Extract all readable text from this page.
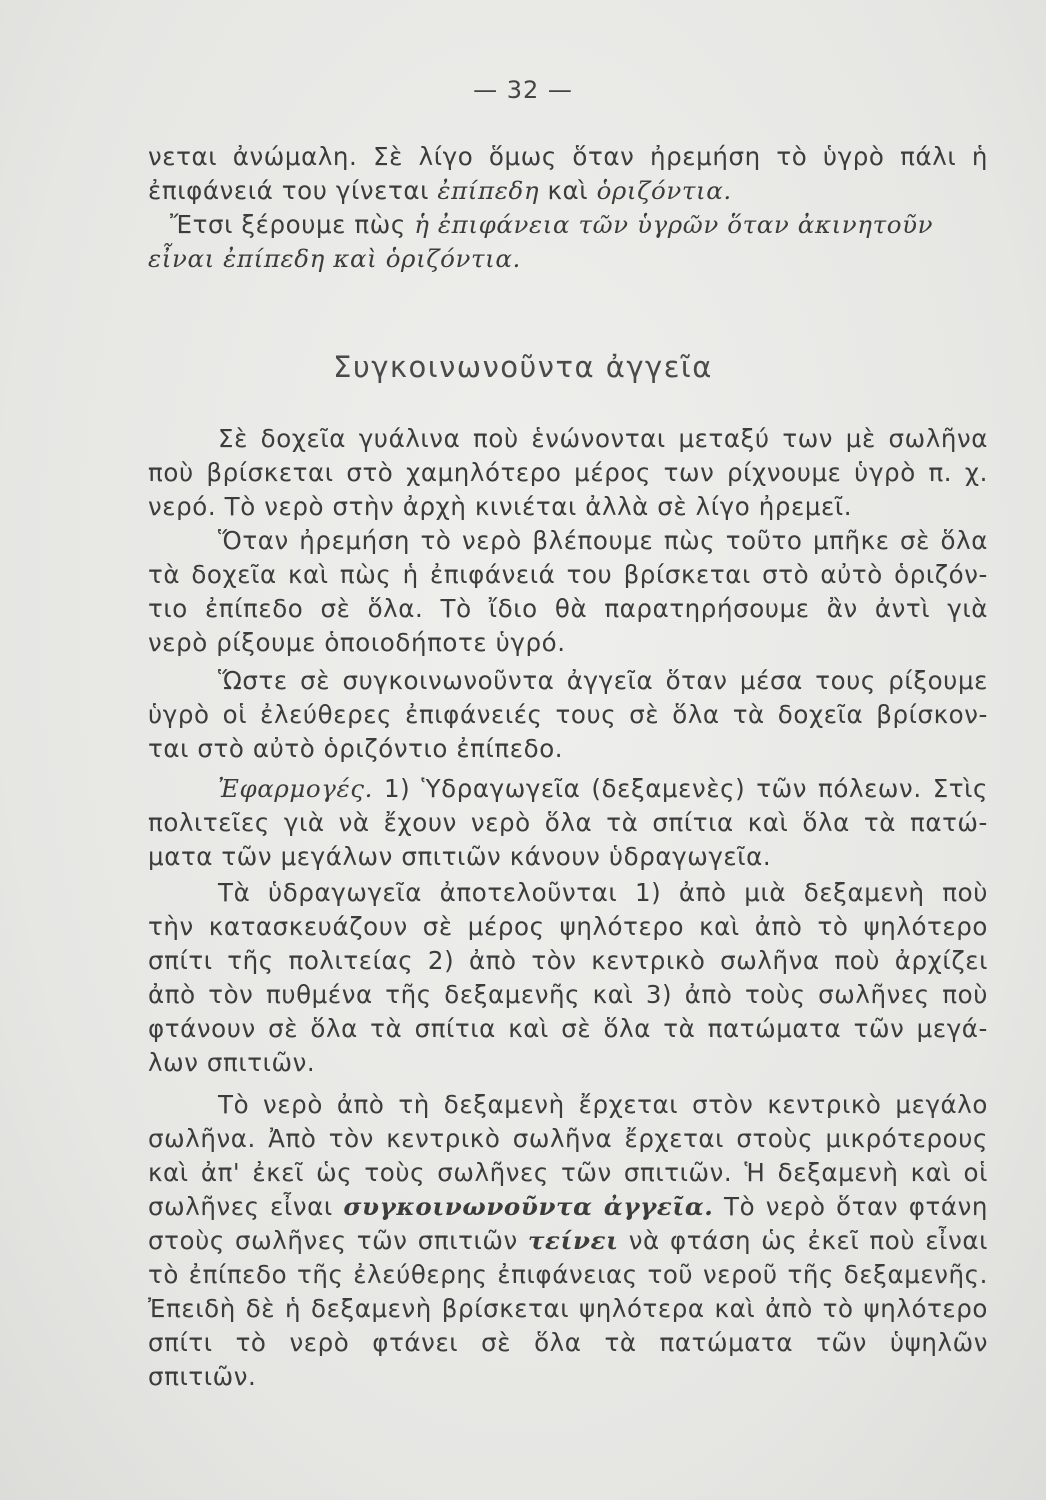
— 32 —
νεται ἀνώμαλη. Σὲ λίγο ὅμως ὅταν ἠρεμήση τὸ ὑγρὸ πάλι ἡ
ἐπιφάνειά του γίνεται ἐπίπεδη καὶ ὁριζόντια.
Ἔτσι ξέρουμε πὼς ἡ ἐπιφάνεια τῶν ὑγρῶν ὅταν ἀκινητοῦν
εἶναι ἐπίπεδη καὶ ὁριζόντια.
Συγκοινωνοῦντα ἀγγεῖα
Σὲ δοχεῖα γυάλινα ποὺ ἑνώνονται μεταξύ των μὲ σωλῆνα
ποὺ βρίσκεται στὸ χαμηλότερο μέρος των ρίχνουμε ὑγρὸ π. χ.
νερό. Τὸ νερὸ στὴν ἀρχὴ κινιέται ἀλλὰ σὲ λίγο ἠρεμεῖ.
Ὅταν ἠρεμήση τὸ νερὸ βλέπουμε πὼς τοῦτο μπῆκε σὲ ὅλα
τὰ δοχεῖα καὶ πὼς ἡ ἐπιφάνειά του βρίσκεται στὸ αὐτὸ ὁριζόν-
τιο ἐπίπεδο σὲ ὅλα. Τὸ ἴδιο θὰ παρατηρήσουμε ἂν ἀντὶ γιὰ
νερὸ ρίξουμε ὁποιοδήποτε ὑγρό.
Ὥστε σὲ συγκοινωνοῦντα ἀγγεῖα ὅταν μέσα τους ρίξουμε
ὑγρὸ οἱ ἐλεύθερες ἐπιφάνειές τους σὲ ὅλα τὰ δοχεῖα βρίσκον-
ται στὸ αὐτὸ ὁριζόντιο ἐπίπεδο.
Ἐφαρμογές. 1) Ὑδραγωγεῖα (δεξαμενὲς) τῶν πόλεων. Στὶς
πολιτεῖες γιὰ νὰ ἔχουν νερὸ ὅλα τὰ σπίτια καὶ ὅλα τὰ πατώ-
ματα τῶν μεγάλων σπιτιῶν κάνουν ὑδραγωγεῖα.
Τὰ ὑδραγωγεῖα ἀποτελοῦνται 1) ἀπὸ μιὰ δεξαμενὴ ποὺ
τὴν κατασκευάζουν σὲ μέρος ψηλότερο καὶ ἀπὸ τὸ ψηλότερο
σπίτι τῆς πολιτείας 2) ἀπὸ τὸν κεντρικὸ σωλῆνα ποὺ ἀρχίζει
ἀπὸ τὸν πυθμένα τῆς δεξαμενῆς καὶ 3) ἀπὸ τοὺς σωλῆνες ποὺ
φτάνουν σὲ ὅλα τὰ σπίτια καὶ σὲ ὅλα τὰ πατώματα τῶν μεγά-
λων σπιτιῶν.
Τὸ νερὸ ἀπὸ τὴ δεξαμενὴ ἔρχεται στὸν κεντρικὸ μεγάλο
σωλῆνα. Ἀπὸ τὸν κεντρικὸ σωλῆνα ἔρχεται στοὺς μικρότερους
καὶ ἀπ' ἐκεῖ ὡς τοὺς σωλῆνες τῶν σπιτιῶν. Ἡ δεξαμενὴ καὶ οἱ
σωλῆνες εἶναι συγκοινωνοῦντα ἀγγεῖα. Τὸ νερὸ ὅταν φτάνη
στοὺς σωλῆνες τῶν σπιτιῶν τείνει νὰ φτάση ὡς ἐκεῖ ποὺ εἶναι
τὸ ἐπίπεδο τῆς ἐλεύθερης ἐπιφάνειας τοῦ νεροῦ τῆς δεξαμενῆς.
Ἐπειδὴ δὲ ἡ δεξαμενὴ βρίσκεται ψηλότερα καὶ ἀπὸ τὸ ψηλότερο
σπίτι τὸ νερὸ φτάνει σὲ ὅλα τὰ πατώματα τῶν ὑψηλῶν
σπιτιῶν.
